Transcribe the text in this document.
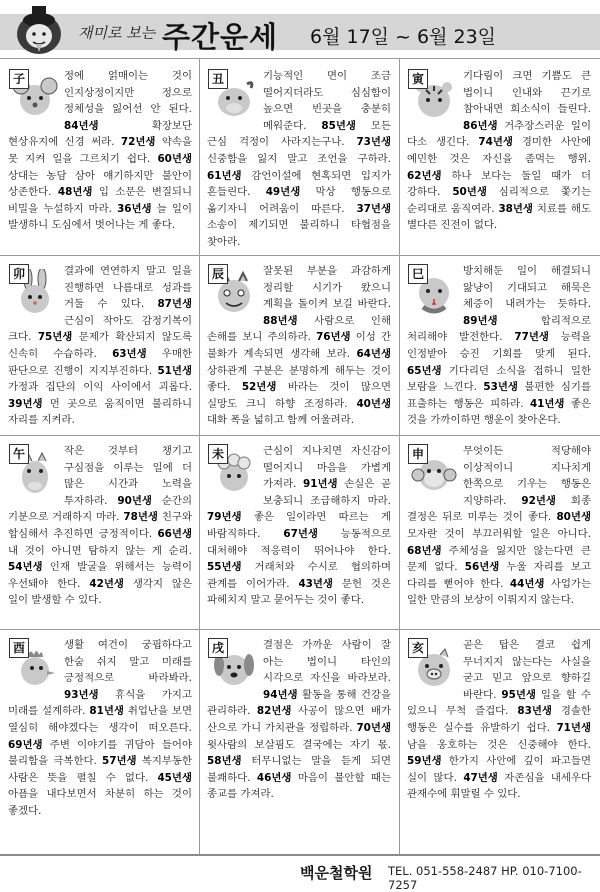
재미로 보는 주간운세 6월 17일 ~ 6월 23일
子	정에 얽매이는 것이 인지상정이지만 정으로 정체성을 잃어선 안 된다. 84년생 확장보단 현상유지에 신경 써라. 72년생 약속을 못 지켜 일을 그르치기 쉽다. 60년생 상대는 농담 삼아 얘기하지만 불안이 상존한다. 48년생 입 소문은 변질되니 비밀을 누설하지 마라. 36년생 늘 일이 발생하니 도심에서 벗어나는 게 좋다.
丑	기능적인 면이 조금 떨어지더라도 심심함이 높으면 빈곳을 충분히 메워준다. 85년생 모든 근심 걱정이 사라지는구나. 73년생 신중함을 잃지 말고 조언을 구하라. 61년생 감언이설에 현혹되면 입지가 흔들린다. 49년생 막상 행동으로 옮기자니 어려움이 따른다. 37년생 소송이 제기되면 불리하니 타협점을 찾아라.
寅	기다림이 크면 기쁨도 큰 법이니 인내와 끈기로 참아내면 희소식이 들린다. 86년생 거추장스러운 일이 다소 생긴다. 74년생 경미한 사안에 예민한 것은 자신을 좀먹는 행위. 62년생 하나 보다는 둘일 때가 더 강하다. 50년생 심리적으로 쫓기는 순리대로 움직여라. 38년생 치료를 해도 별다른 진전이 없다.
卯	결과에 연연하지 말고 일을 진행하면 나름대로 성과를 거둘 수 있다. 87년생 근심이 작아도 감정기복이 크다. 75년생 문제가 확산되지 않도록 신속히 수습하라. 63년생 우매한 판단으로 진행이 지지부진하다. 51년생 가정과 집단의 이익 사이에서 괴롭다. 39년생 먼 곳으로 움직이면 불리하니 자리를 지켜라.
辰	잘못된 부분을 과감하게 정리할 시기가 왔으니 계획을 돌이켜 보길 바란다. 88년생 사람으로 인해 손해를 보니 주의하라. 76년생 이성 간 불화가 계속되면 생각해 보라. 64년생 상하관계 구분은 분명하게 해두는 것이 좋다. 52년생 바라는 것이 많으면 실망도 크니 하향 조정하라. 40년생 대화 폭을 넓히고 함께 어울려라.
巳	방치해둔 일이 해결되니 앓냥이 기대되고 해묵은 체증이 내려가는 듯하다. 89년생 합리적으로 처리해야 발전한다. 77년생 능력을 인정받아 승진 기회를 맞게 된다. 65년생 기다리던 소식을 접하니 일한 보람을 느낀다. 53년생 불편한 심기를 표출하는 행동은 피하라. 41년생 좋은 것을 가까이하면 행운이 찾아온다.
午	작은 것부터 챙기고 구심점을 이루는 일에 더 많은 시간과 노력을 투자하라. 90년생 순간의 기분으로 거래하지 마라. 78년생 친구와 합심해서 추진하면 긍정적이다. 66년생 내 것이 아니면 탐하지 않는 게 순리. 54년생 인재 발굴을 위해서는 능력이 우선돼야 한다. 42년생 생각지 않은 일이 발생할 수 있다.
未	근심이 지나치면 자신감이 떨어지니 마음을 가볍게 가져라. 91년생 손실은 곧 보충되니 조급해하지 마라. 79년생 좋은 일이라면 따르는 게 바람직하다. 67년생 능동적으로 대처해야 적응력이 뛰어나야 한다. 55년생 거래처와 수시로 협의하며 관계를 이어가라. 43년생 문헌 것은 파헤치지 말고 묻어두는 것이 좋다.
申	무엇이든 적당해야 이상적이니 지나치게 한쪽으로 기우는 행동은 지양하라. 92년생 회종 결정은 뒤로 미루는 것이 좋다. 80년생 모자란 것이 부끄러워할 일은 아니다. 68년생 주체성을 잃지만 않는다면 큰 문제 없다. 56년생 누울 자리를 보고 다리를 뻗어야 한다. 44년생 사업가는 일한 만큼의 보상이 이뤄지지 않는다.
酉	생활 여건이 궁핍하다고 한숨 쉬지 말고 미래를 긍정적으로 바라봐라. 93년생 휴식을 가지고 미래를 설계하라. 81년생 취업난을 보면 열심히 해야겠다는 생각이 떠오른다. 69년생 주변 이야기를 귀담아 들어야 불리함을 극복한다. 57년생 복지부동한 사람은 뜻을 펼칠 수 없다. 45년생 아픔을 내다보면서 차분히 하는 것이 좋겠다.
戌	결점은 가까운 사람이 잘 아는 법이니 타인의 시각으로 자신을 바라보라. 94년생 활동을 통해 건강을 관리하라. 82년생 사공이 많으면 배가 산으로 가니 가치관을 정립하라. 70년생 윗사람의 보살핌도 결국에는 자기 몫. 58년생 터무니없는 말을 듣게 되면 불쾌하다. 46년생 마음이 불안할 때는 종교를 가져라.
亥	곧은 탑은 결코 쉽게 무너지지 않는다는 사실을 굳고 믿고 앞으로 향하길 바란다. 95년생 일을 할 수 있으니 무척 즐겁다. 83년생 경솔한 행동은 실수를 유발하기 쉽다. 71년생 남을 옹호하는 것은 신중해야 한다. 59년생 한가지 사안에 깊이 파고들면 실이 많다. 47년생 자존심을 내세우다 관재수에 휘말릴 수 있다.
백운철학원 TEL. 051-558-2487 HP. 010-7100-7257
